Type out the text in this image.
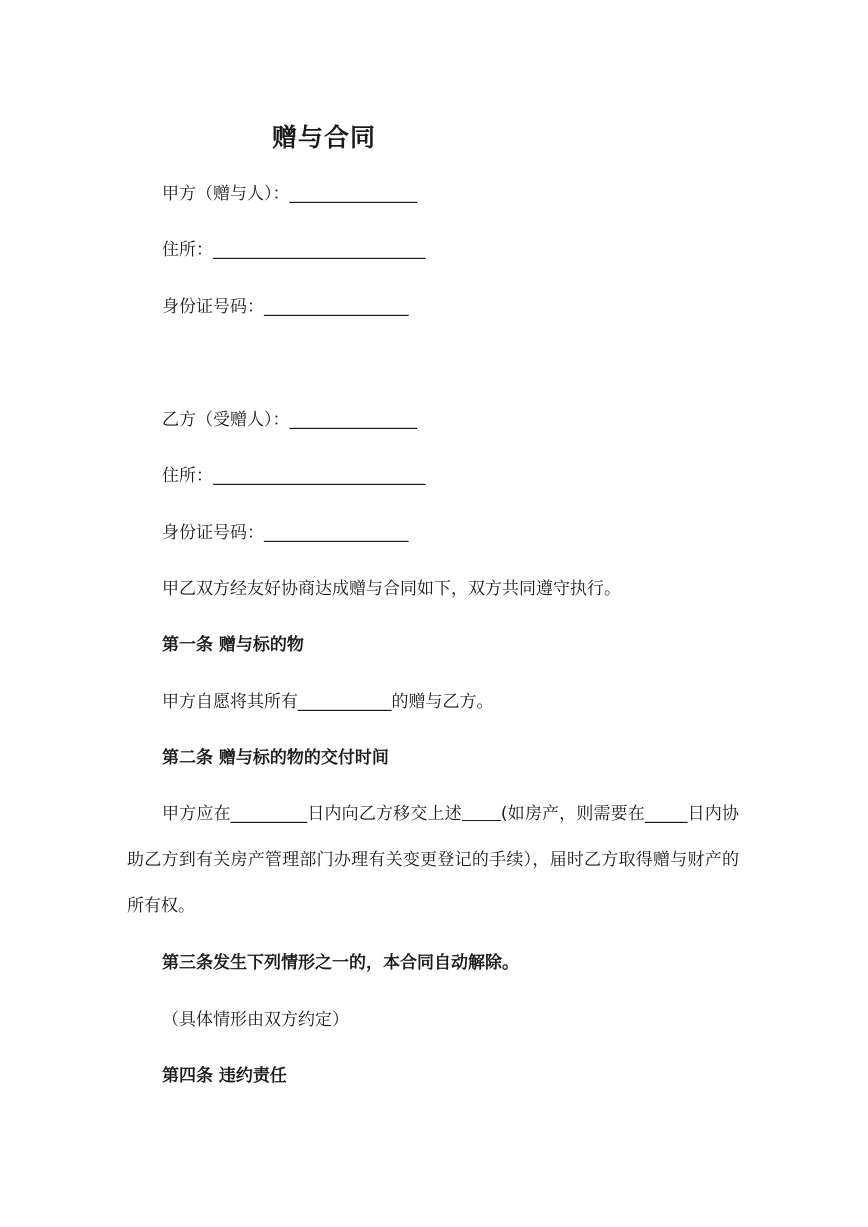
赠与合同

甲方（赠与人）：_______________

住所：_________________________

身份证号码：_________________

乙方（受赠人）：_______________

住所：_________________________

身份证号码：_________________

甲乙双方经友好协商达成赠与合同如下，双方共同遵守执行。

第一条 赠与标的物

甲方自愿将其所有___________的赠与乙方。

第二条 赠与标的物的交付时间

甲方应在_________日内向乙方移交上述 (如房产，则需要在_____日内协助乙方到有关房产管理部门办理有关变更登记的手续），届时乙方取得赠与财产的所有权。

第三条发生下列情形之一的，本合同自动解除。

（具体情形由双方约定）

第四条 违约责任
